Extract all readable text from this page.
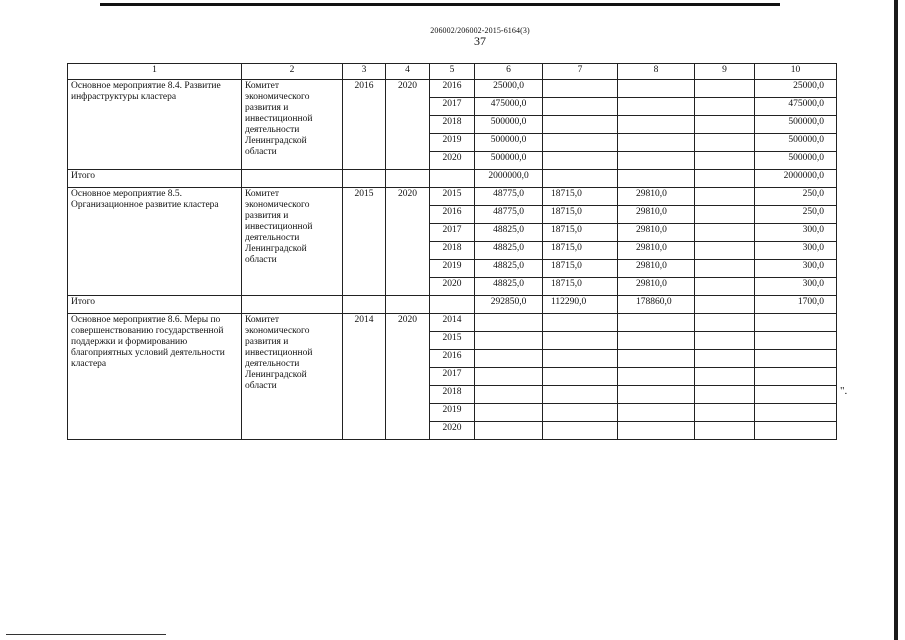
206002/206002-2015-6164(3)
37
1	2	3	4	5	6	7	8	9	10
Основное мероприятие 8.4. Развитие инфраструктуры кластера	Комитет экономического развития и инвестиционной деятельности Ленинградской области	2016	2020	2016	25000,0				25000,0
				2017	475000,0				475000,0
				2018	500000,0				500000,0
				2019	500000,0				500000,0
				2020	500000,0				500000,0
Итого					2000000,0				2000000,0
Основное мероприятие 8.5. Организационное развитие кластера	Комитет экономического развития и инвестиционной деятельности Ленинградской области	2015	2020	2015	48775,0	18715,0	29810,0		250,0
				2016	48775,0	18715,0	29810,0		250,0
				2017	48825,0	18715,0	29810,0		300,0
				2018	48825,0	18715,0	29810,0		300,0
				2019	48825,0	18715,0	29810,0		300,0
				2020	48825,0	18715,0	29810,0		300,0
Итого					292850,0	112290,0	178860,0		1700,0
Основное мероприятие 8.6. Меры по совершенствованию государственной поддержки и формированию благоприятных условий деятельности кластера	Комитет экономического развития и инвестиционной деятельности Ленинградской области	2014	2020	2014					
				2015					
				2016					
				2017					
				2018					
				2019					
				2020					
".
